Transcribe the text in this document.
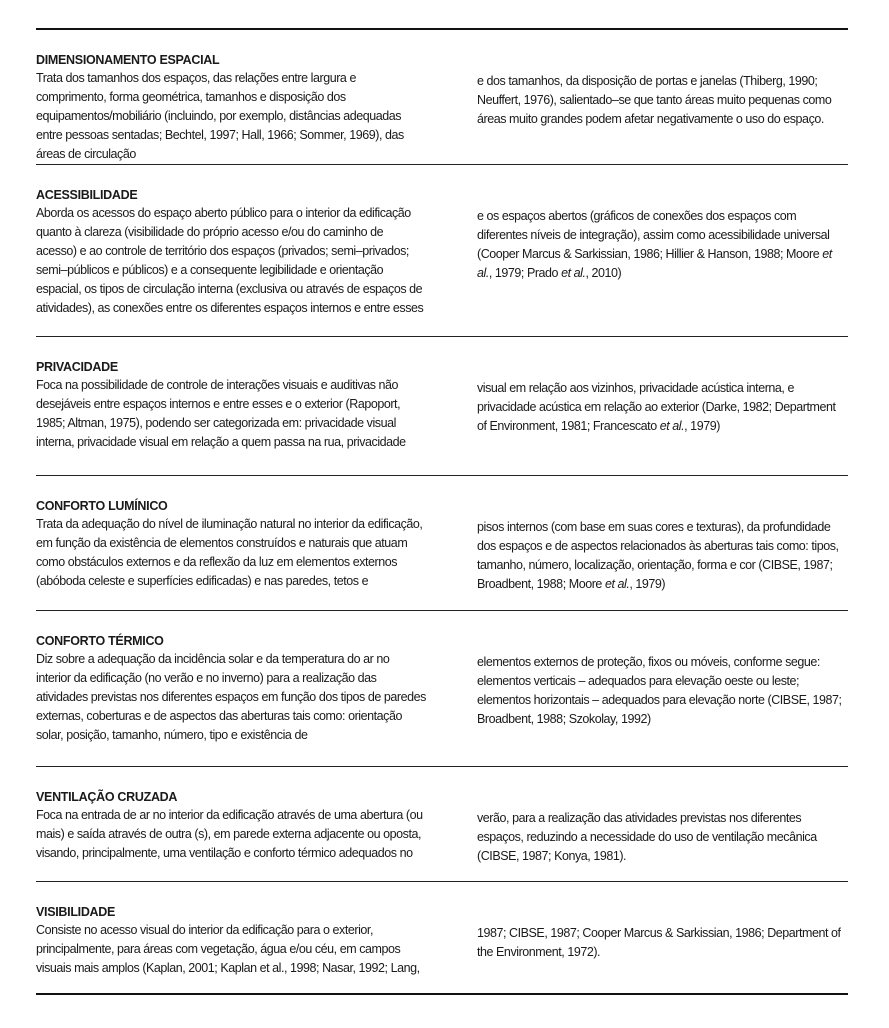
DIMENSIONAMENTO ESPACIAL

Trata dos tamanhos dos espaços, das relações entre largura e comprimento, forma geométrica, tamanhos e disposição dos equipamentos/mobiliário (incluindo, por exemplo, distâncias adequadas entre pessoas sentadas; Bechtel, 1997; Hall, 1966; Sommer, 1969), das áreas de circulação

e dos tamanhos, da disposição de portas e janelas (Thiberg, 1990; Neuffert, 1976), salientado–se que tanto áreas muito pequenas como áreas muito grandes podem afetar negativamente o uso do espaço.

ACESSIBILIDADE

Aborda os acessos do espaço aberto público para o interior da edificação quanto à clareza (visibilidade do próprio acesso e/ou do caminho de acesso) e ao controle de território dos espaços (privados; semi–privados; semi–públicos e públicos) e a consequente legibilidade e orientação espacial, os tipos de circulação interna (exclusiva ou através de espaços de atividades), as conexões entre os diferentes espaços internos e entre esses

e os espaços abertos (gráficos de conexões dos espaços com diferentes níveis de integração), assim como acessibilidade universal (Cooper Marcus & Sarkissian, 1986; Hillier & Hanson, 1988; Moore et al., 1979; Prado et al., 2010)

PRIVACIDADE

Foca na possibilidade de controle de interações visuais e auditivas não desejáveis entre espaços internos e entre esses e o exterior (Rapoport, 1985; Altman, 1975), podendo ser categorizada em: privacidade visual interna, privacidade visual em relação a quem passa na rua, privacidade

visual em relação aos vizinhos, privacidade acústica interna, e privacidade acústica em relação ao exterior (Darke, 1982; Department of Environment, 1981; Francescato et al., 1979)

CONFORTO LUMÍNICO

Trata da adequação do nível de iluminação natural no interior da edificação, em função da existência de elementos construídos e naturais que atuam como obstáculos externos e da reflexão da luz em elementos externos (abóboda celeste e superfícies edificadas) e nas paredes, tetos e

pisos internos (com base em suas cores e texturas), da profundidade dos espaços e de aspectos relacionados às aberturas tais como: tipos, tamanho, número, localização, orientação, forma e cor (CIBSE, 1987; Broadbent, 1988; Moore et al., 1979)

CONFORTO TÉRMICO

Diz sobre a adequação da incidência solar e da temperatura do ar no interior da edificação (no verão e no inverno) para a realização das atividades previstas nos diferentes espaços em função dos tipos de paredes externas, coberturas e de aspectos das aberturas tais como: orientação solar, posição, tamanho, número, tipo e existência de

elementos externos de proteção, fixos ou móveis, conforme segue: elementos verticais – adequados para elevação oeste ou leste; elementos horizontais – adequados para elevação norte (CIBSE, 1987; Broadbent, 1988; Szokolay, 1992)

VENTILAÇÃO CRUZADA

Foca na entrada de ar no interior da edificação através de uma abertura (ou mais) e saída através de outra (s), em parede externa adjacente ou oposta, visando, principalmente, uma ventilação e conforto térmico adequados no

verão, para a realização das atividades previstas nos diferentes espaços, reduzindo a necessidade do uso de ventilação mecânica (CIBSE, 1987; Konya, 1981).

VISIBILIDADE

Consiste no acesso visual do interior da edificação para o exterior, principalmente, para áreas com vegetação, água e/ou céu, em campos visuais mais amplos (Kaplan, 2001; Kaplan et al., 1998; Nasar, 1992; Lang,

1987; CIBSE, 1987; Cooper Marcus & Sarkissian, 1986; Department of the Environment, 1972).
